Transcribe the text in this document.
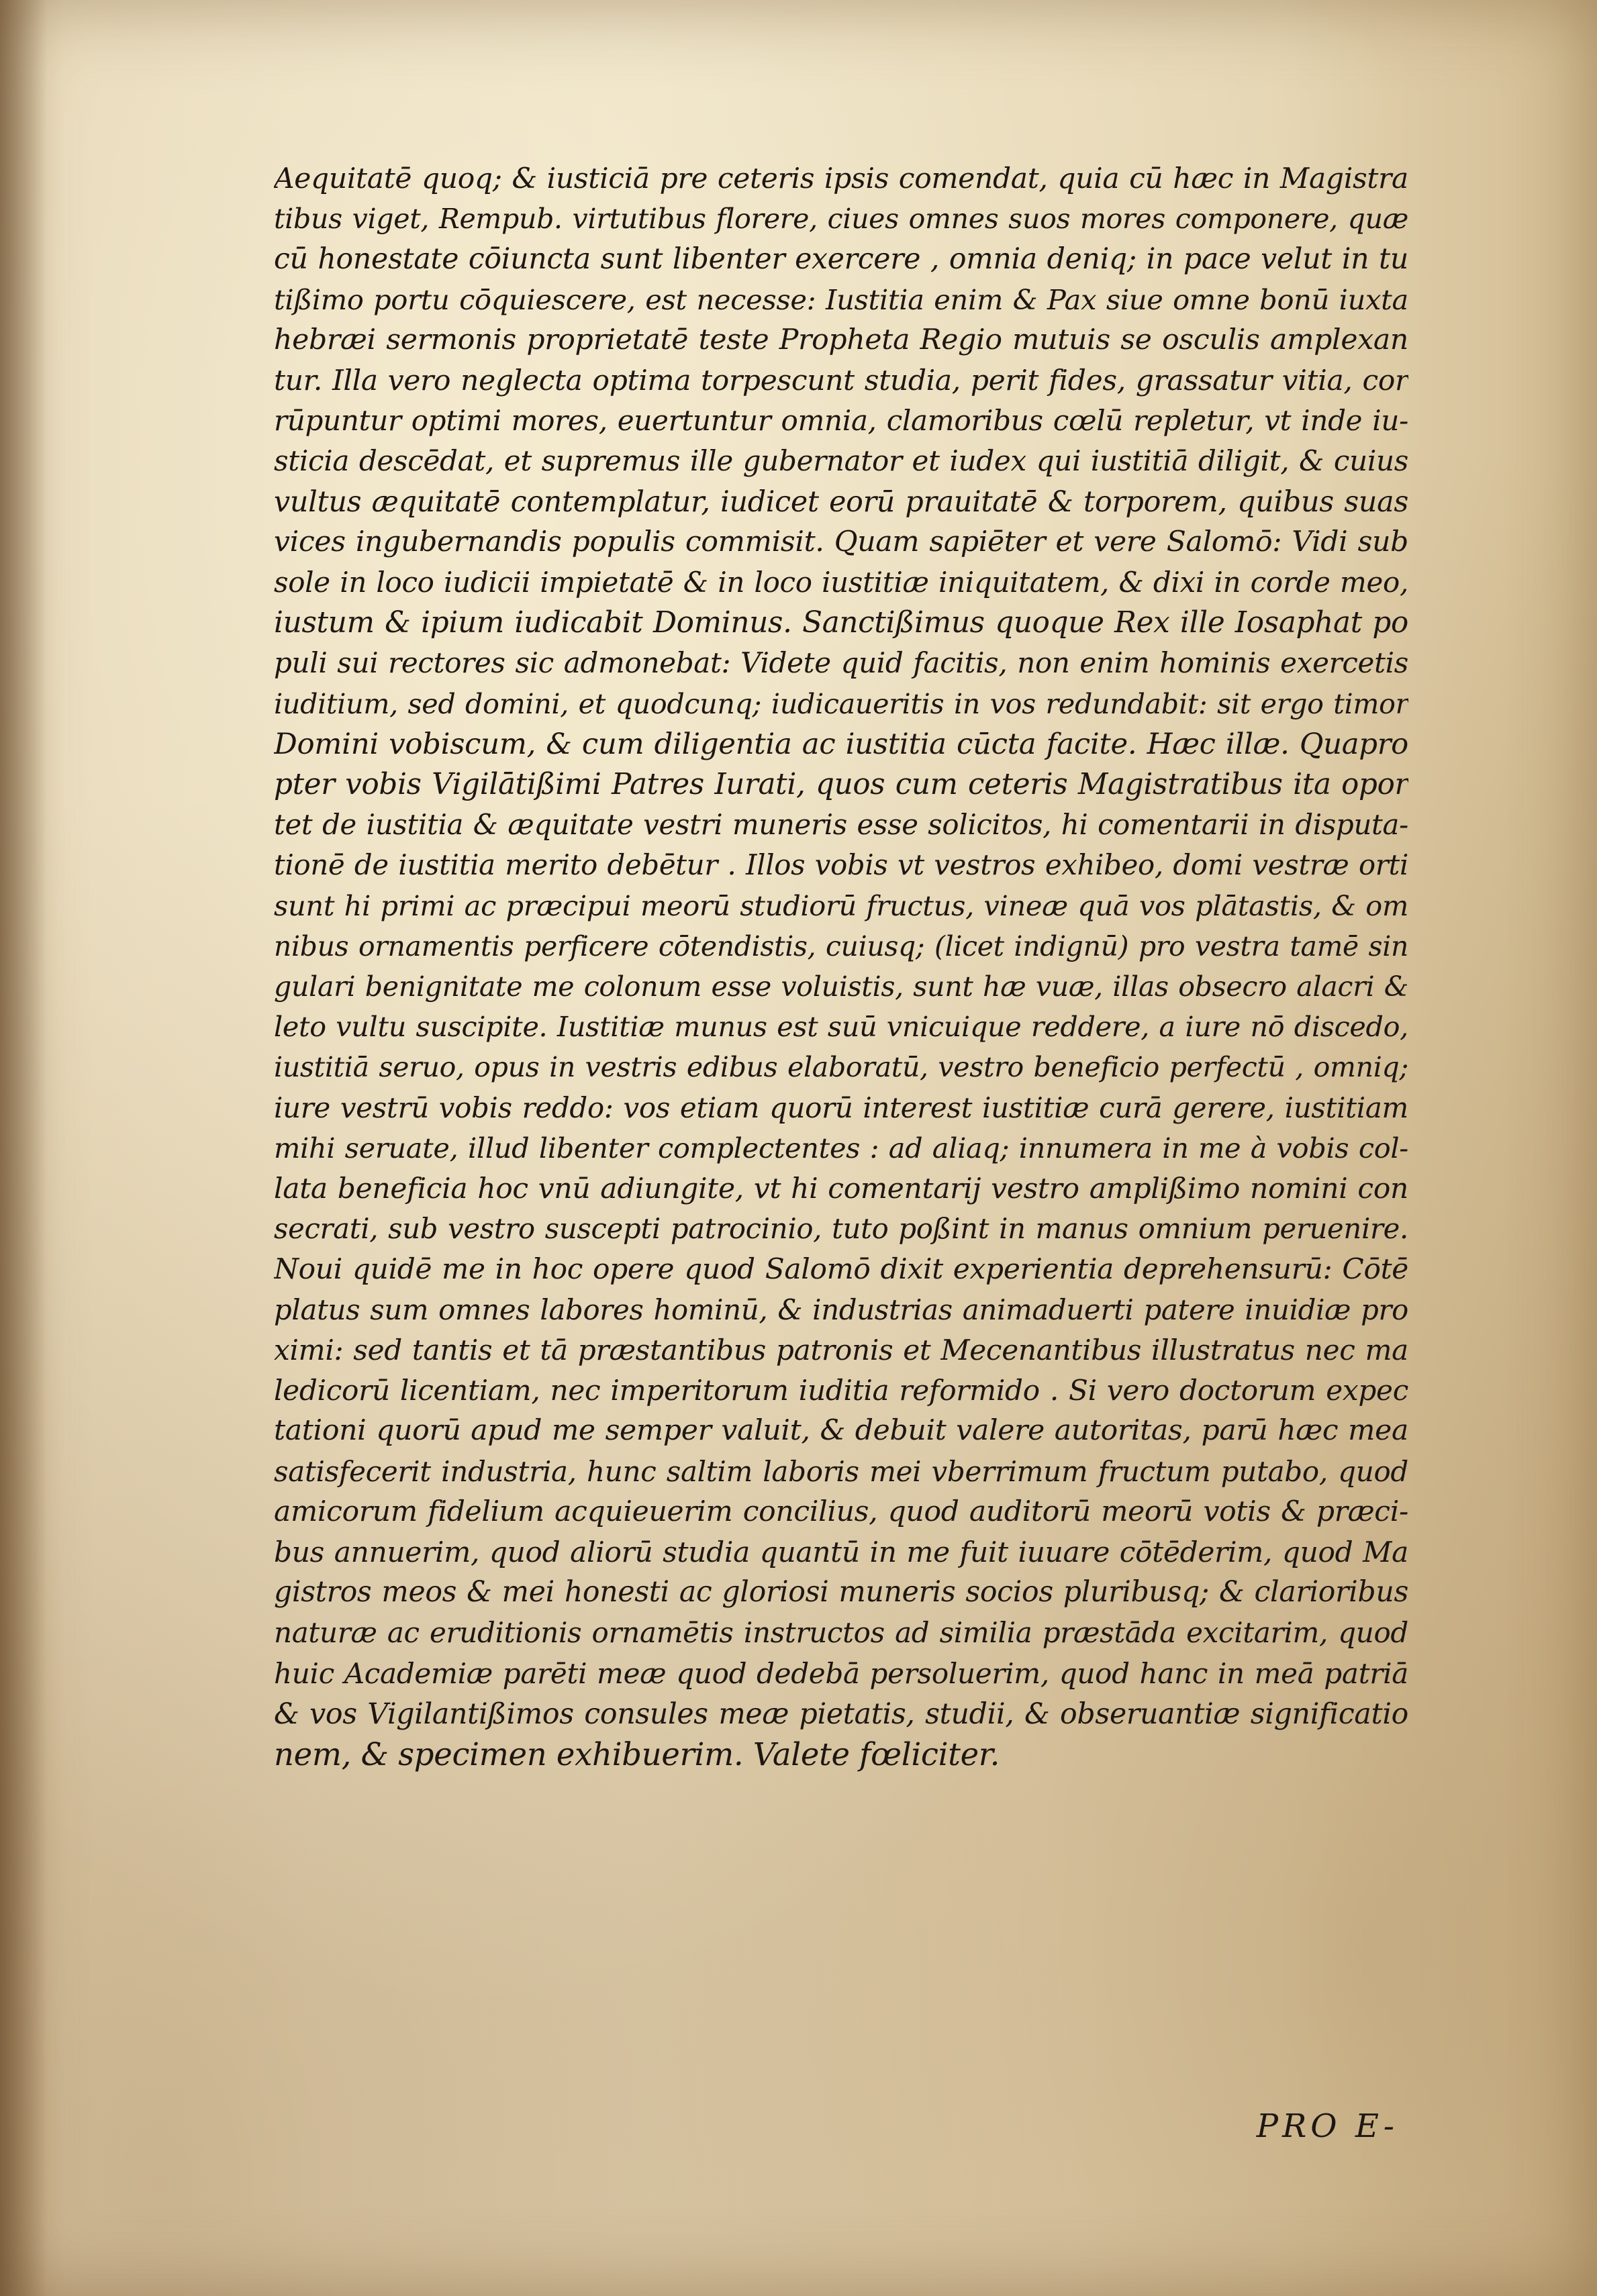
Aequitatē quoq; & iusticiā pre ceteris ipsis comendat, quia cū hæc in Magistra
tibus viget, Rempub. virtutibus florere, ciues omnes suos mores componere, quæ
cū honestate cōiuncta sunt libenter exercere , omnia deniq; in pace velut in tu
tißimo portu cōquiescere, est necesse: Iustitia enim & Pax siue omne bonū iuxta
hebræi sermonis proprietatē teste Propheta Regio mutuis se osculis amplexan
tur. Illa vero neglecta optima torpescunt studia, perit fides, grassatur vitia, cor
rūpuntur optimi mores, euertuntur omnia, clamoribus cœlū repletur, vt inde iu-
sticia descēdat, et supremus ille gubernator et iudex qui iustitiā diligit, & cuius
vultus æquitatē contemplatur, iudicet eorū prauitatē & torporem, quibus suas
vices ingubernandis populis commisit. Quam sapiēter et vere Salomō: Vidi sub
sole in loco iudicii impietatē & in loco iustitiæ iniquitatem, & dixi in corde meo,
iustum & ipium iudicabit Dominus. Sanctißimus quoque Rex ille Iosaphat po
puli sui rectores sic admonebat: Videte quid facitis, non enim hominis exercetis
iuditium, sed domini, et quodcunq; iudicaueritis in vos redundabit: sit ergo timor
Domini vobiscum, & cum diligentia ac iustitia cūcta facite. Hæc illæ. Quapro
pter vobis Vigilātißimi Patres Iurati, quos cum ceteris Magistratibus ita opor
tet de iustitia & æquitate vestri muneris esse solicitos, hi comentarii in disputa-
tionē de iustitia merito debētur . Illos vobis vt vestros exhibeo, domi vestræ orti
sunt hi primi ac præcipui meorū studiorū fructus, vineæ quā vos plātastis, & om
nibus ornamentis perficere cōtendistis, cuiusq; (licet indignū) pro vestra tamē sin
gulari benignitate me colonum esse voluistis, sunt hæ vuæ, illas obsecro alacri &
leto vultu suscipite. Iustitiæ munus est suū vnicuique reddere, a iure nō discedo,
iustitiā seruo, opus in vestris edibus elaboratū, vestro beneficio perfectū , omniq;
iure vestrū vobis reddo: vos etiam quorū interest iustitiæ curā gerere, iustitiam
mihi seruate, illud libenter complectentes : ad aliaq; innumera in me à vobis col-
lata beneficia hoc vnū adiungite, vt hi comentarij vestro amplißimo nomini con
secrati, sub vestro suscepti patrocinio, tuto poßint in manus omnium peruenire.
Noui quidē me in hoc opere quod Salomō dixit experientia deprehensurū: Cōtē
platus sum omnes labores hominū, & industrias animaduerti patere inuidiæ pro
ximi: sed tantis et tā præstantibus patronis et Mecenantibus illustratus nec ma
ledicorū licentiam, nec imperitorum iuditia reformido . Si vero doctorum expec
tationi quorū apud me semper valuit, & debuit valere autoritas, parū hæc mea
satisfecerit industria, hunc saltim laboris mei vberrimum fructum putabo, quod
amicorum fidelium acquieuerim concilius, quod auditorū meorū votis & præci-
bus annuerim, quod aliorū studia quantū in me fuit iuuare cōtēderim, quod Ma
gistros meos & mei honesti ac gloriosi muneris socios pluribusq; & clarioribus
naturæ ac eruditionis ornamētis instructos ad similia præstāda excitarim, quod
huic Academiæ parēti meæ quod dedebā persoluerim, quod hanc in meā patriā
& vos Vigilantißimos consules meæ pietatis, studii, & obseruantiæ significatio
nem, & specimen exhibuerim. Valete fœliciter.
PRO E-
